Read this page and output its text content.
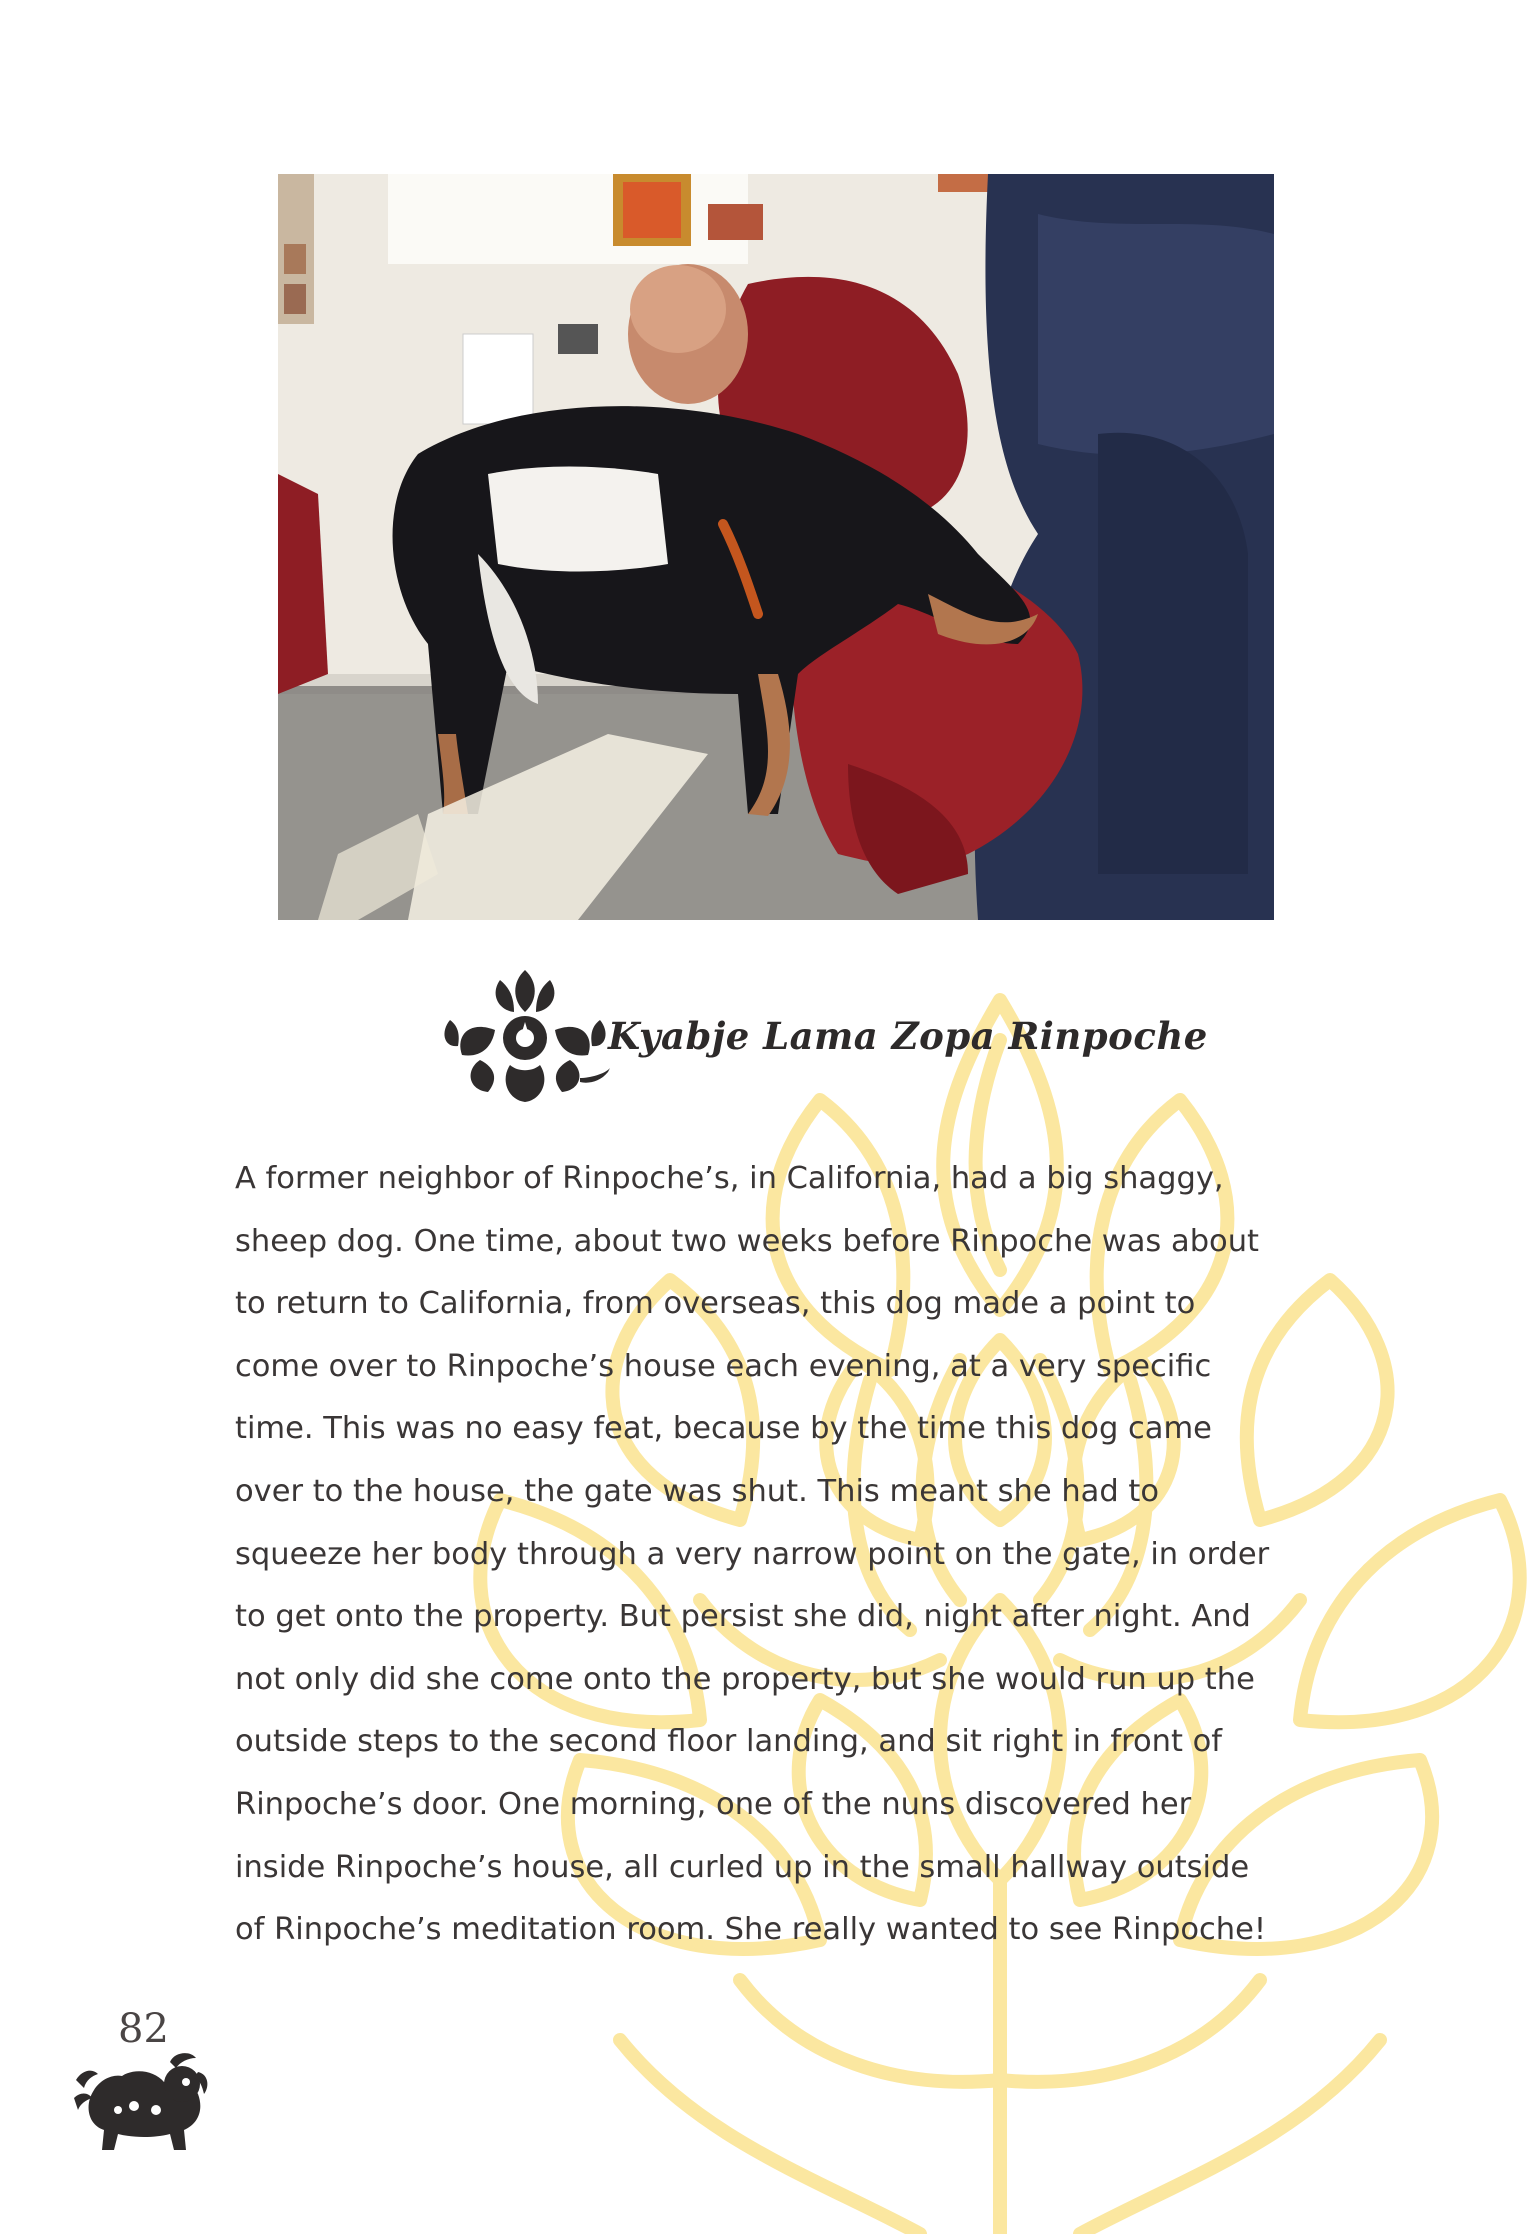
Kyabje Lama Zopa Rinpoche
A former neighbor of Rinpoche’s, in California, had a big shaggy,
sheep dog. One time, about two weeks before Rinpoche was about
to return to California, from overseas, this dog made a point to
come over to Rinpoche’s house each evening, at a very specific
time. This was no easy feat, because by the time this dog came
over to the house, the gate was shut. This meant she had to
squeeze her body through a very narrow point on the gate, in order
to get onto the property. But persist she did, night after night. And
not only did she come onto the property, but she would run up the
outside steps to the second floor landing, and sit right in front of
Rinpoche’s door. One morning, one of the nuns discovered her
inside Rinpoche’s house, all curled up in the small hallway outside
of Rinpoche’s meditation room. She really wanted to see Rinpoche!
82
